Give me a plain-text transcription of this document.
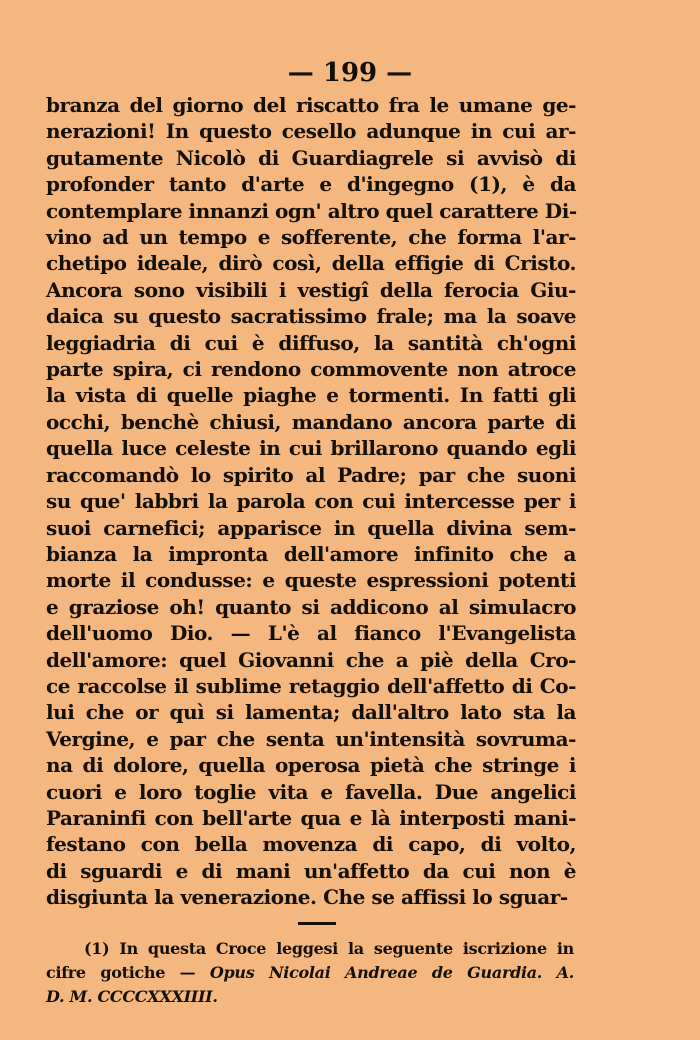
— 199 —
branza del giorno del riscatto fra le umane ge-
nerazioni! In questo cesello adunque in cui ar-
gutamente Nicolò di Guardiagrele si avvisò di
profonder tanto d'arte e d'ingegno (1), è da
contemplare innanzi ogn' altro quel carattere Di-
vino ad un tempo e sofferente, che forma l'ar-
chetipo ideale, dirò così, della effigie di Cristo.
Ancora sono visibili i vestigî della ferocia Giu-
daica su questo sacratissimo frale; ma la soave
leggiadria di cui è diffuso, la santità ch'ogni
parte spira, ci rendono commovente non atroce
la vista di quelle piaghe e tormenti. In fatti gli
occhi, benchè chiusi, mandano ancora parte di
quella luce celeste in cui brillarono quando egli
raccomandò lo spirito al Padre; par che suoni
su que' labbri la parola con cui intercesse per i
suoi carnefici; apparisce in quella divina sem-
bianza la impronta dell'amore infinito che a
morte il condusse: e queste espressioni potenti
e graziose oh! quanto si addiconο al simulacro
dell'uomo Dio. — L'è al fianco l'Evangelista
dell'amore: quel Giovanni che a piè della Cro-
ce raccolse il sublime retaggio dell'affetto di Co-
lui che or quì si lamenta; dall'altro lato sta la
Vergine, e par che senta un'intensità sovruma-
na di dolore, quella operosa pietà che stringe i
cuori e loro toglie vita e favella. Due angelici
Paraninfi con bell'arte qua e là interposti mani-
festano con bella movenza di capo, di volto,
di sguardi e di mani un'affetto da cui non è
disgiunta la venerazione. Che se affissi lo sguar-
(1) In questa Croce leggesi la seguente iscrizione in
cifre gotiche — Opus Nicolai Andreae de Guardia. A.
D. M. CCCCXXXIIII.
